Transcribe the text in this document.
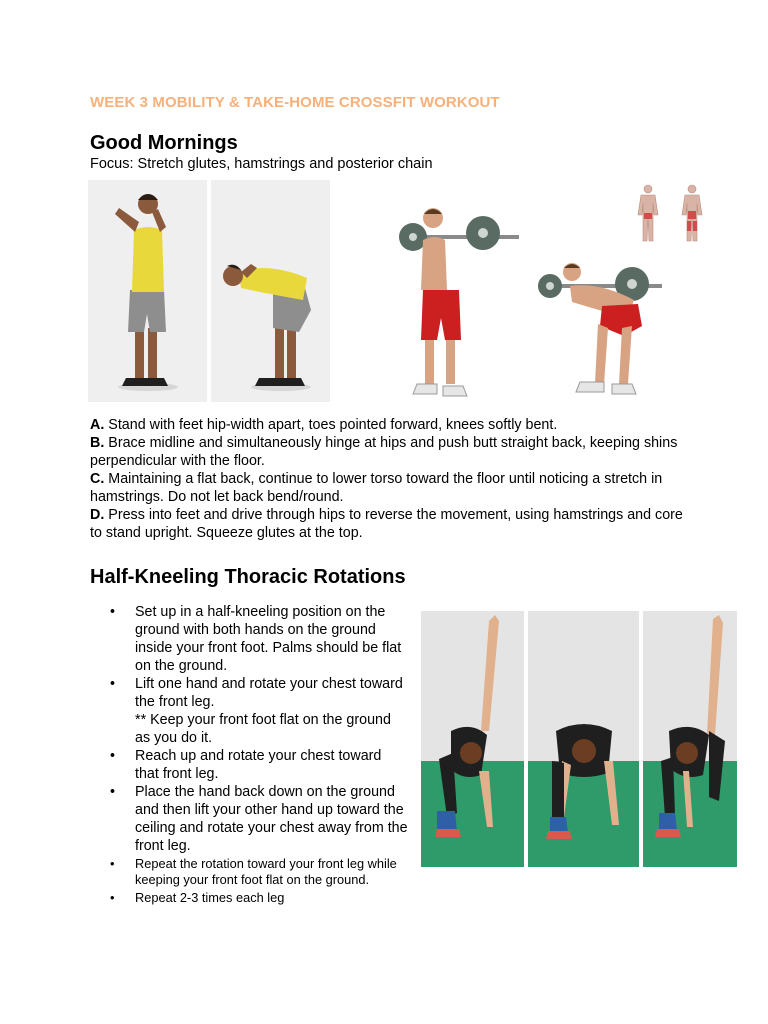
WEEK 3 MOBILITY & TAKE-HOME CROSSFIT WORKOUT
Good Mornings
Focus: Stretch glutes, hamstrings and posterior chain

A. Stand with feet hip-width apart, toes pointed forward, knees softly bent.

B. Brace midline and simultaneously hinge at hips and push butt straight back, keeping shins perpendicular with the floor.

C. Maintaining a flat back, continue to lower torso toward the floor until noticing a stretch in hamstrings. Do not let back bend/round.

D. Press into feet and drive through hips to reverse the movement, using hamstrings and core to stand upright. Squeeze glutes at the top.

Half-Kneeling Thoracic Rotations
• Set up in a half-kneeling position on the ground with both hands on the ground inside your front foot. Palms should be flat on the ground.
• Lift one hand and rotate your chest toward the front leg.
** Keep your front foot flat on the ground as you do it.
• Reach up and rotate your chest toward that front leg.
• Place the hand back down on the ground and then lift your other hand up toward the ceiling and rotate your chest away from the front leg.
• Repeat the rotation toward your front leg while keeping your front foot flat on the ground.
• Repeat 2-3 times each leg
